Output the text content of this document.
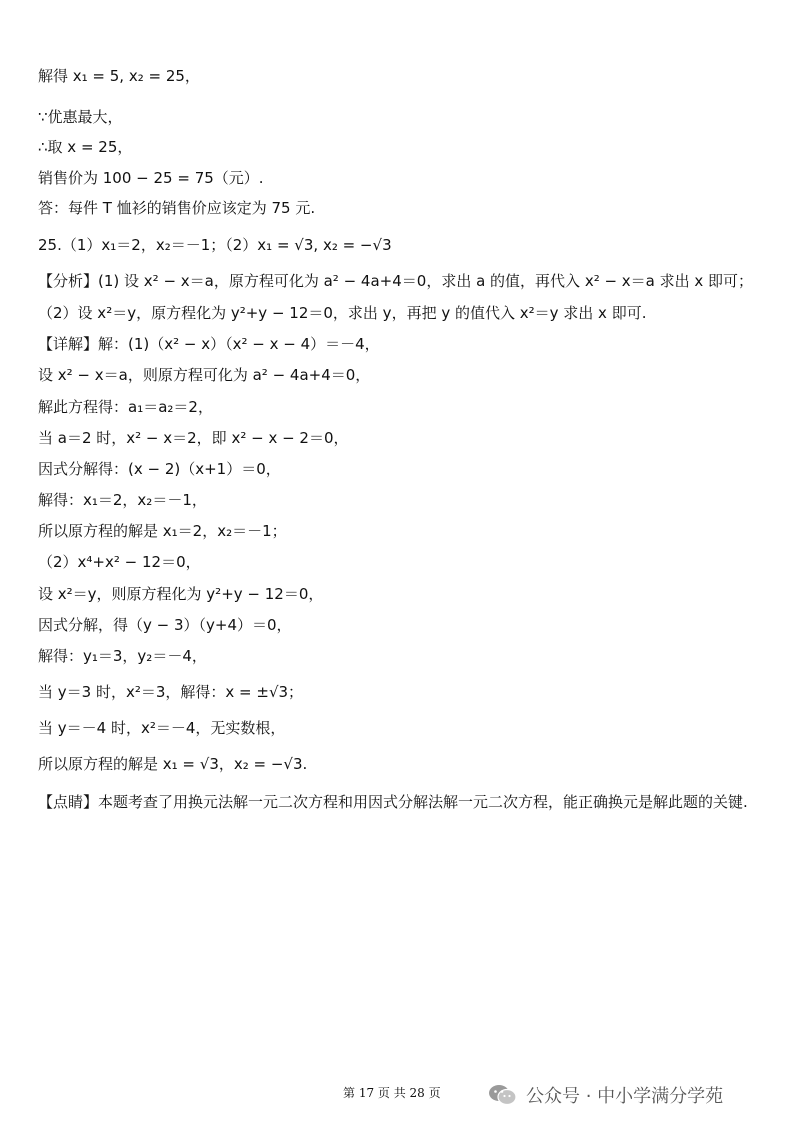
解得 x₁ = 5, x₂ = 25，
∵优惠最大，
∴取 x = 25，
销售价为 100 − 25 = 75（元）.
答：每件 T 恤衫的销售价应该定为 75 元.
25.（1）x₁＝2，x₂＝－1；（2）x₁ = √3, x₂ = −√3
【分析】(1) 设 x² − x＝a，原方程可化为 a² − 4a+4＝0，求出 a 的值，再代入 x² − x＝a 求出 x 即可；
（2）设 x²＝y，原方程化为 y²+y − 12＝0，求出 y，再把 y 的值代入 x²＝y 求出 x 即可.
【详解】解：(1)（x² − x）（x² − x − 4）＝－4，
设 x² − x＝a，则原方程可化为 a² − 4a+4＝0，
解此方程得：a₁＝a₂＝2，
当 a＝2 时，x² − x＝2，即 x² − x − 2＝0，
因式分解得：(x − 2)（x+1）＝0，
解得：x₁＝2，x₂＝－1，
所以原方程的解是 x₁＝2，x₂＝－1；
（2）x⁴+x² − 12＝0，
设 x²＝y，则原方程化为 y²+y − 12＝0，
因式分解，得（y − 3）（y+4）＝0，
解得：y₁＝3，y₂＝－4，
当 y＝3 时，x²＝3，解得：x = ±√3；
当 y＝－4 时，x²＝－4，无实数根，
所以原方程的解是 x₁ = √3，x₂ = −√3.
【点睛】本题考查了用换元法解一元二次方程和用因式分解法解一元二次方程，能正确换元是解此题的关键.
第 17 页 共 28 页	公众号 · 中小学满分学苑
